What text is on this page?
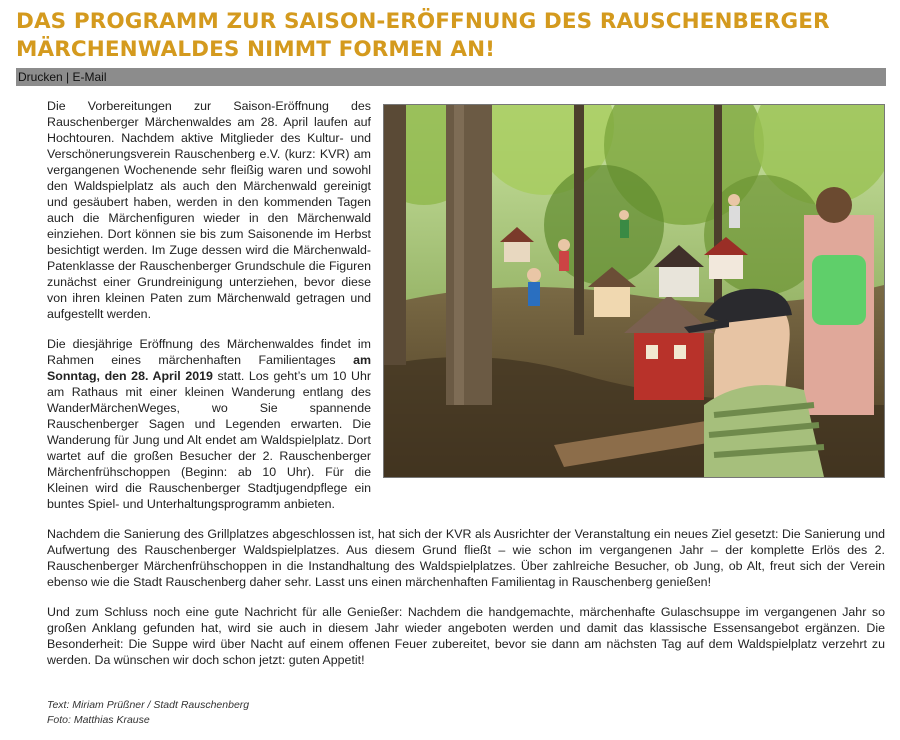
DAS PROGRAMM ZUR SAISON-ERÖFFNUNG DES RAUSCHENBERGER MÄRCHENWALDES NIMMT FORMEN AN!
Drucken | E-Mail

Die Vorbereitungen zur Saison-Eröffnung des Rauschenberger Märchenwaldes am 28. April laufen auf Hochtouren. Nachdem aktive Mitglieder des Kultur- und Verschönerungsverein Rauschenberg e.V. (kurz: KVR) am vergangenen Wochenende sehr fleißig waren und sowohl den Waldspielplatz als auch den Märchenwald gereinigt und gesäubert haben, werden in den kommenden Tagen auch die Märchenfiguren wieder in den Märchenwald einziehen. Dort können sie bis zum Saisonende im Herbst besichtigt werden. Im Zuge dessen wird die Märchenwald-Patenklasse der Rauschenberger Grundschule die Figuren zunächst einer Grundreinigung unterziehen, bevor diese von ihren kleinen Paten zum Märchenwald getragen und aufgestellt werden.

Die diesjährige Eröffnung des Märchenwaldes findet im Rahmen eines märchenhaften Familientages am Sonntag, den 28. April 2019 statt. Los geht’s um 10 Uhr am Rathaus mit einer kleinen Wanderung entlang des WanderMärchenWeges, wo Sie spannende Rauschenberger Sagen und Legenden erwarten. Die Wanderung für Jung und Alt endet am Waldspielplatz. Dort wartet auf die großen Besucher der 2. Rauschenberger Märchenfrühschoppen (Beginn: ab 10 Uhr). Für die Kleinen wird die Rauschenberger Stadtjugendpflege ein buntes Spiel- und Unterhaltungsprogramm anbieten.

Nachdem die Sanierung des Grillplatzes abgeschlossen ist, hat sich der KVR als Ausrichter der Veranstaltung ein neues Ziel gesetzt: Die Sanierung und Aufwertung des Rauschenberger Waldspielplatzes. Aus diesem Grund fließt – wie schon im vergangenen Jahr – der komplette Erlös des 2. Rauschenberger Märchenfrühschoppen in die Instandhaltung des Waldspielplatzes. Über zahlreiche Besucher, ob Jung, ob Alt, freut sich der Verein ebenso wie die Stadt Rauschenberg daher sehr. Lasst uns einen märchenhaften Familientag in Rauschenberg genießen!

Und zum Schluss noch eine gute Nachricht für alle Genießer: Nachdem die handgemachte, märchenhafte Gulaschsuppe im vergangenen Jahr so großen Anklang gefunden hat, wird sie auch in diesem Jahr wieder angeboten werden und damit das klassische Essensangebot ergänzen. Die Besonderheit: Die Suppe wird über Nacht auf einem offenen Feuer zubereitet, bevor sie dann am nächsten Tag auf dem Waldspielplatz verzehrt zu werden. Da wünschen wir doch schon jetzt: guten Appetit!

Text: Miriam Prüßner / Stadt Rauschenberg
Foto: Matthias Krause
